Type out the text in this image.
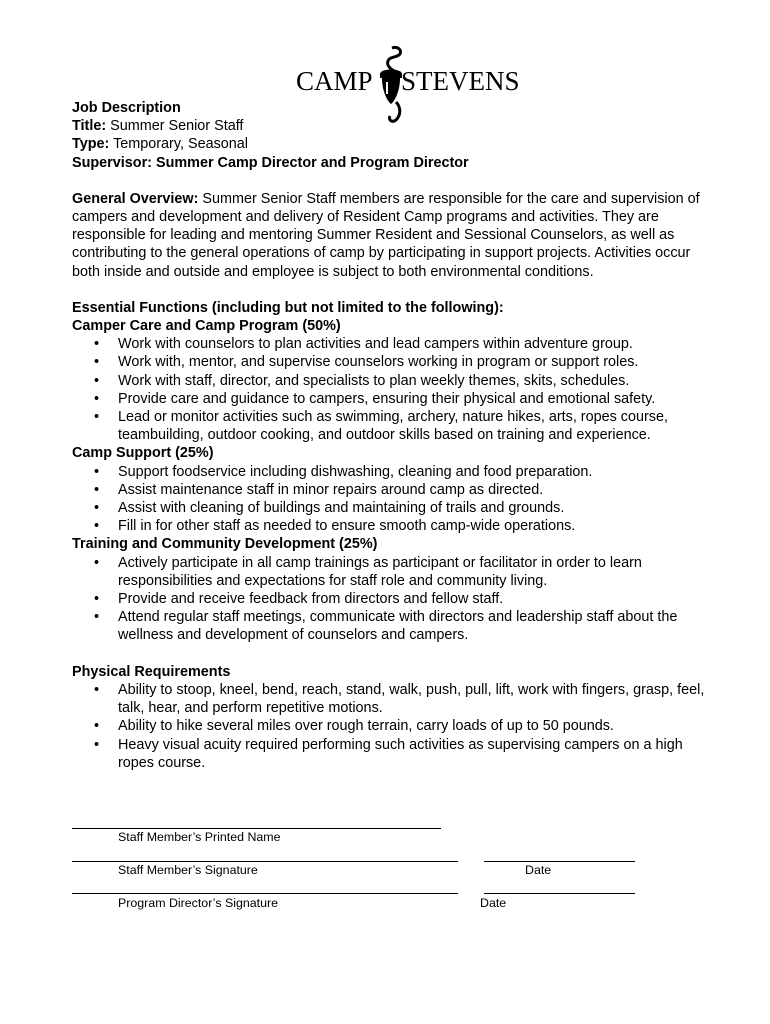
CAMP STEVENS

Job Description

Title: Summer Senior Staff

Type: Temporary, Seasonal

Supervisor: Summer Camp Director and Program Director

General Overview: Summer Senior Staff members are responsible for the care and supervision of campers and development and delivery of Resident Camp programs and activities. They are responsible for leading and mentoring Summer Resident and Sessional Counselors, as well as contributing to the general operations of camp by participating in support projects. Activities occur both inside and outside and employee is subject to both environmental conditions.

Essential Functions (including but not limited to the following):

Camper Care and Camp Program (50%)

• Work with counselors to plan activities and lead campers within adventure group.
• Work with, mentor, and supervise counselors working in program or support roles.
• Work with staff, director, and specialists to plan weekly themes, skits, schedules.
• Provide care and guidance to campers, ensuring their physical and emotional safety.
• Lead or monitor activities such as swimming, archery, nature hikes, arts, ropes course, teambuilding, outdoor cooking, and outdoor skills based on training and experience.

Camp Support (25%)

• Support foodservice including dishwashing, cleaning and food preparation.
• Assist maintenance staff in minor repairs around camp as directed.
• Assist with cleaning of buildings and maintaining of trails and grounds.
• Fill in for other staff as needed to ensure smooth camp-wide operations.

Training and Community Development (25%)

• Actively participate in all camp trainings as participant or facilitator in order to learn responsibilities and expectations for staff role and community living.
• Provide and receive feedback from directors and fellow staff.
• Attend regular staff meetings, communicate with directors and leadership staff about the wellness and development of counselors and campers.

Physical Requirements

• Ability to stoop, kneel, bend, reach, stand, walk, push, pull, lift, work with fingers, grasp, feel, talk, hear, and perform repetitive motions.
• Ability to hike several miles over rough terrain, carry loads of up to 50 pounds.
• Heavy visual acuity required performing such activities as supervising campers on a high ropes course.
Staff Member’s Printed Name
Staff Member’s Signature	Date
Program Director’s Signature	Date
